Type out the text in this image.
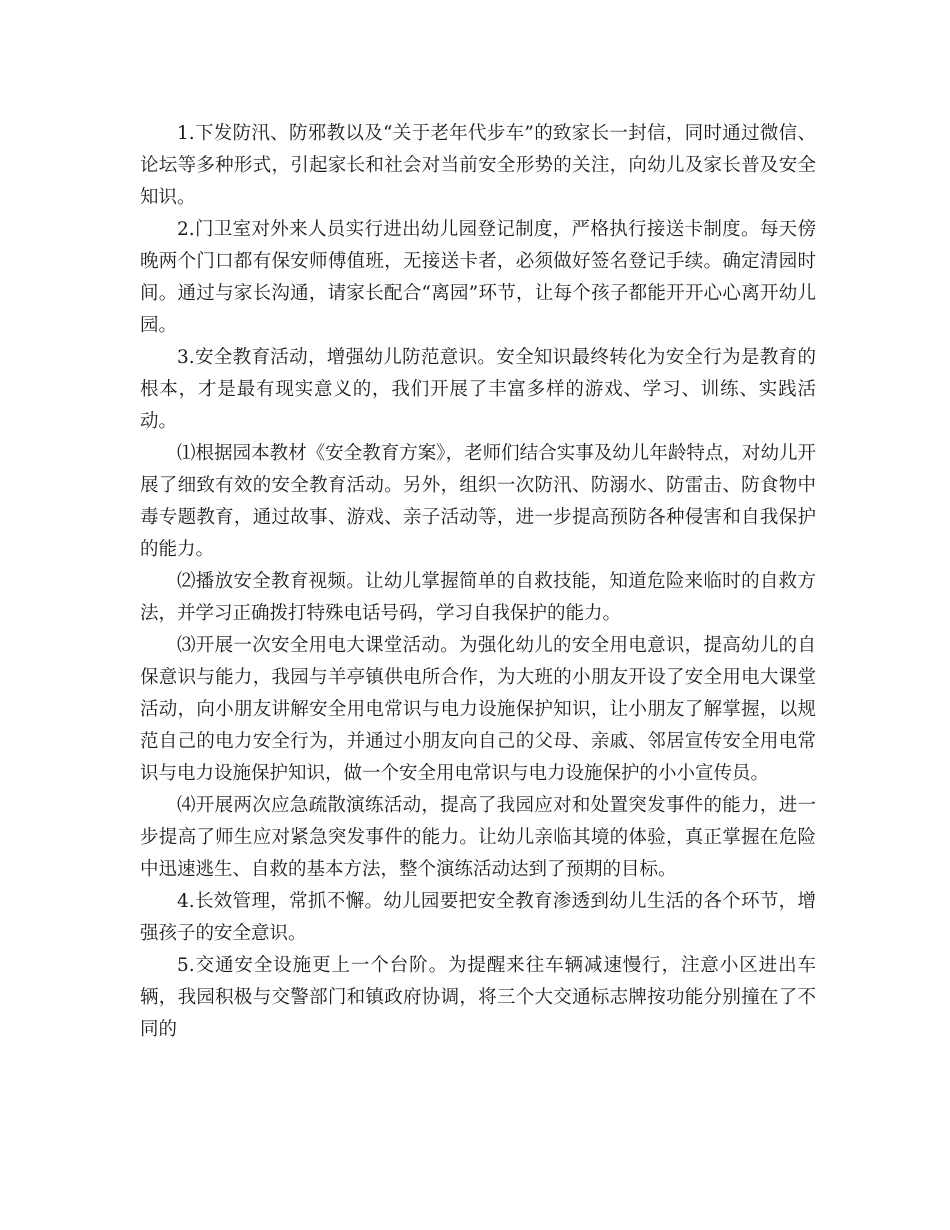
1.下发防汛、防邪教以及“关于老年代步车”的致家长一封信，同时通过微信、论坛等多种形式，引起家长和社会对当前安全形势的关注，向幼儿及家长普及安全知识。

2.门卫室对外来人员实行进出幼儿园登记制度，严格执行接送卡制度。每天傍晚两个门口都有保安师傅值班，无接送卡者，必须做好签名登记手续。确定清园时间。通过与家长沟通，请家长配合“离园”环节，让每个孩子都能开开心心离开幼儿园。

3.安全教育活动，增强幼儿防范意识。安全知识最终转化为安全行为是教育的根本，才是最有现实意义的，我们开展了丰富多样的游戏、学习、训练、实践活动。

⑴根据园本教材《安全教育方案》，老师们结合实事及幼儿年龄特点，对幼儿开展了细致有效的安全教育活动。另外，组织一次防汛、防溺水、防雷击、防食物中毒专题教育，通过故事、游戏、亲子活动等，进一步提高预防各种侵害和自我保护的能力。

⑵播放安全教育视频。让幼儿掌握简单的自救技能，知道危险来临时的自救方法，并学习正确拨打特殊电话号码，学习自我保护的能力。

⑶开展一次安全用电大课堂活动。为强化幼儿的安全用电意识，提高幼儿的自保意识与能力，我园与羊亭镇供电所合作，为大班的小朋友开设了安全用电大课堂活动，向小朋友讲解安全用电常识与电力设施保护知识，让小朋友了解掌握，以规范自己的电力安全行为，并通过小朋友向自己的父母、亲戚、邻居宣传安全用电常识与电力设施保护知识，做一个安全用电常识与电力设施保护的小小宣传员。

⑷开展两次应急疏散演练活动，提高了我园应对和处置突发事件的能力，进一步提高了师生应对紧急突发事件的能力。让幼儿亲临其境的体验，真正掌握在危险中迅速逃生、自救的基本方法，整个演练活动达到了预期的目标。

4.长效管理，常抓不懈。幼儿园要把安全教育渗透到幼儿生活的各个环节，增强孩子的安全意识。

5.交通安全设施更上一个台阶。为提醒来往车辆减速慢行，注意小区进出车辆，我园积极与交警部门和镇政府协调，将三个大交通标志牌按功能分别撞在了不同的
